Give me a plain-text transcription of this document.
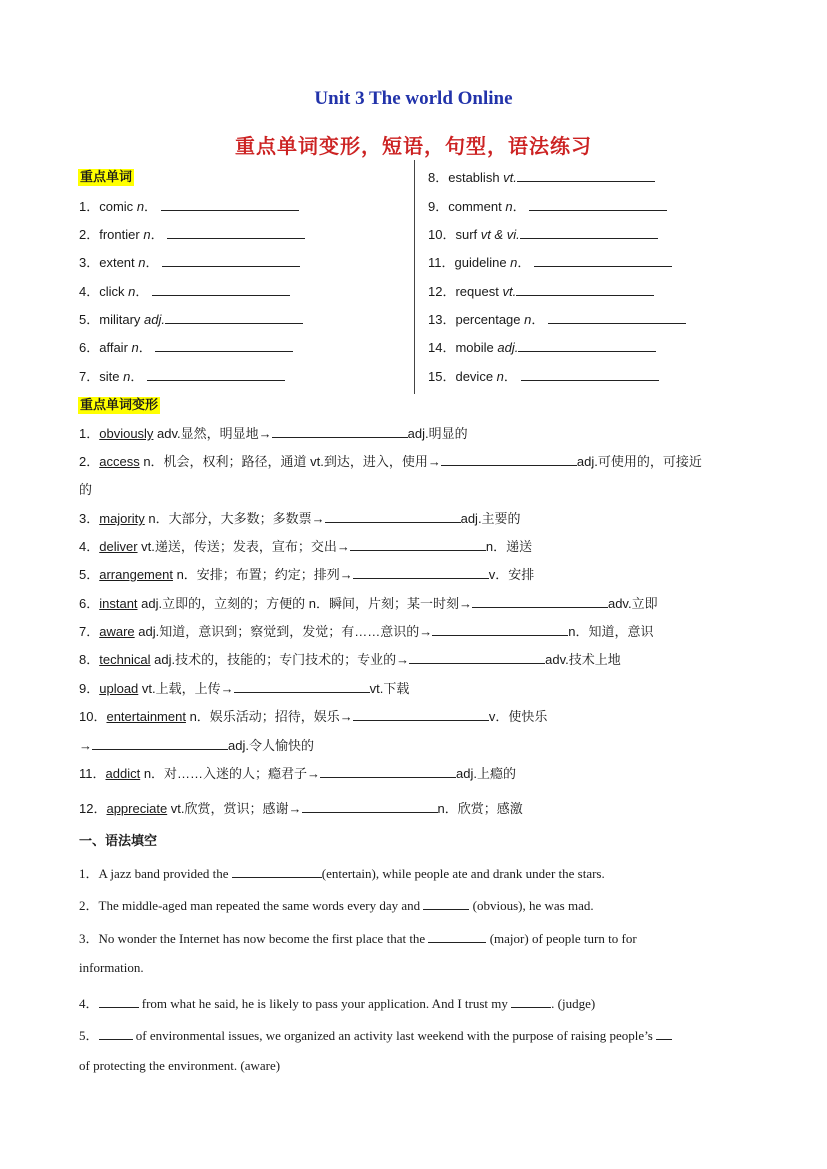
Unit 3 The world Online
重点单词变形，短语，句型，语法练习
重点单词
1．comic n．
2．frontier n．
3．extent n．
4．click n．
5．military adj.
6．affair n．
7．site n．
8．establish vt.
9．comment n．
10．surf vt & vi.
11．guideline n．
12．request vt.
13．percentage n．
14．mobile adj.
15．device n．
重点单词变形
1．obviously adv.显然，明显地→	adj.明显的
2．access n．机会，权利；路径，通道 vt.到达，进入，使用→	adj.可使用的，可接近
的
3．majority n．大部分，大多数；多数票→	adj.主要的
4．deliver vt.递送，传送；发表，宣布；交出→	n．递送
5．arrangement n．安排；布置；约定；排列→	v．安排
6．instant adj.立即的，立刻的；方便的 n．瞬间，片刻；某一时刻→	adv.立即
7．aware adj.知道，意识到；察觉到，发觉；有……意识的→	n．知道，意识
8．technical adj.技术的，技能的；专门技术的；专业的→	adv.技术上地
9．upload vt.上载，上传→	vt.下载
10．entertainment n．娱乐活动；招待，娱乐→	v．使快乐
→	adj.令人愉快的
11．addict n．对……入迷的人；瘾君子→	adj.上瘾的
12．appreciate vt.欣赏，赏识；感谢→	n．欣赏；感激
一、语法填空
1．A jazz band provided the	(entertain), while people ate and drank under the stars.
2．The middle-aged man repeated the same words every day and	(obvious), he was mad.
3．No wonder the Internet has now become the first place that the	(major) of people turn to for
information.
4．	from what he said, he is likely to pass your application. And I trust my	. (judge)
5．	of environmental issues, we organized an activity last weekend with the purpose of raising people’s
of protecting the environment. (aware)
